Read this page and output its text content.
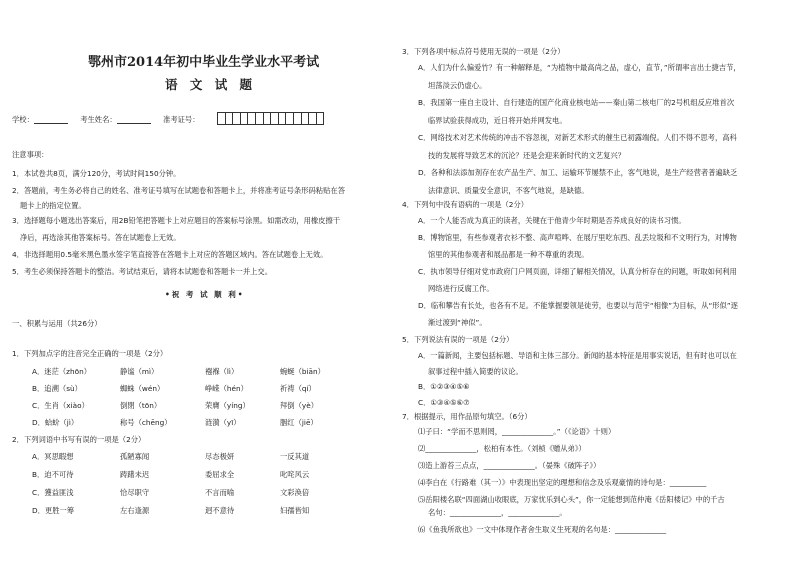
鄂州市2014年初中毕业生学业水平考试
语 文 试 题
学校：	考生姓名：	准考证号：
注意事项：
1．本试卷共8页，满分120分，考试时间150分钟。
2．答题前，考生务必将自己的姓名、准考证号填写在试题卷和答题卡上，并将准考证号条形码粘贴在答
题卡上的指定位置。
3．选择题每小题选出答案后，用2B铅笔把答题卡上对应题目的答案标号涂黑。如需改动，用橡皮擦干
净后，再选涂其他答案标号。答在试题卷上无效。
4．非选择题用0.5毫米黑色墨水签字笔直接答在答题卡上对应的答题区域内。答在试题卷上无效。
5．考生必须保持答题卡的整洁。考试结束后，请将本试题卷和答题卡一并上交。
•祝 考 试 顺 利•
一、积累与运用（共26分）
1．下列加点字的注音完全正确的一项是（2分）
A．迷茫（zhōn）	静谧（mì）	襁褓（lì）	蜿蜒（biān）
B．追溯（sù）	蜘蛛（wén）	峥嵘（hén）	祈祷（qí）
C．生肖（xiào）	倒閉（tōn）	荣膺（yíng）	拜倒（yè）
D．蛤蚧（jì）	称号（chēng）	涟漪（yī）	胭红（jiē）
2．下列词语中书写有误的一项是（2分）
A．冥思暇想	孤陋寡闻	尽态极妍	一反其道
B．迫不可待	踌躇未迟	委屈求全	叱咤风云
C．獲益匪浅	恰尽职守	不言而喻	文彩涣倍
D．更胜一筹	左右逢源	迥不意待	妇孺皆知
3．下列各项中标点符号使用无误的一项是（2分）
A．人们为什么偏爱竹？有一种解释是，“为植物中最高尚之品，虚心，直节，”所谓率言出士捷吉节，
坦荡淡云仍虚心。
B．我国第一座自主设计、自行建造的国产化商业核电站——秦山第二核电厂的2号机组反应堆首次
临界试验获得成功，近日将开始并网发电。
C．网络技术对艺术传统的冲击不容忽视，对新艺术形式的催生已初露端倪。人们不得不思考，高科
技的发展将导致艺术的沉沦？还是会迎来新时代的文艺复兴？
D．各种和法添加剂存在农产品生产、加工、运输环节屡禁不止，客气地说，是生产经营者普遍缺乏
法律意识、质量安全意识，不客气地说，是缺德。
4．下列句中没有语病的一项是（2分）
A．一个人能否成为真正的读者，关键在于他青少年时期是否养成良好的读书习惯。
B．博物馆里，有些参观者衣衫不整、高声喧哗、在展厅里吃东西、乱丢垃圾和不文明行为，对博物
馆里的其他参观者和展品都是一种不尊重的表现。
C．执市领导仔细对党市政府门户网页面，详细了解相关情况，认真分析存在的问题，听取如何利用
网络进行反腐工作。
D．临和攀告有长处，也各有不足。不能掌握要领是徒劳，也要以与范宇“相像”为目标，从“形似”逐
渐过渡到“神似”。
5．下列说法有误的一项是（2分）
A．一篇新闻，主要包括标题、导语和主体三部分。新闻的基本特征是用事实说话，但有时也可以在
叙事过程中插入简要的议论。
B．①②③④⑤⑥
C．①③④⑤⑥⑦
7．根据提示，用作品原句填空。（6分）
⑴子曰：“学而不思则罔，______________。”（《论语》十则）
⑵______________，松柏有本性。（刘桢《赠从弟》）
⑶造上游苔三点点，______________。（晏殊《破阵子》）
⑷李白在《行路难（其一）》中表现出坚定的理想和信念及乐观豪情的诗句是：__________
⑸岳阳楼名联“四面湖山收眼底，万家忧乐到心头”，你一定能想到范仲淹《岳阳楼记》中的千古
名句：______________，______________。
⑹《鱼我所欲也》一文中体现作者舍生取义生死观的名句是：______________
